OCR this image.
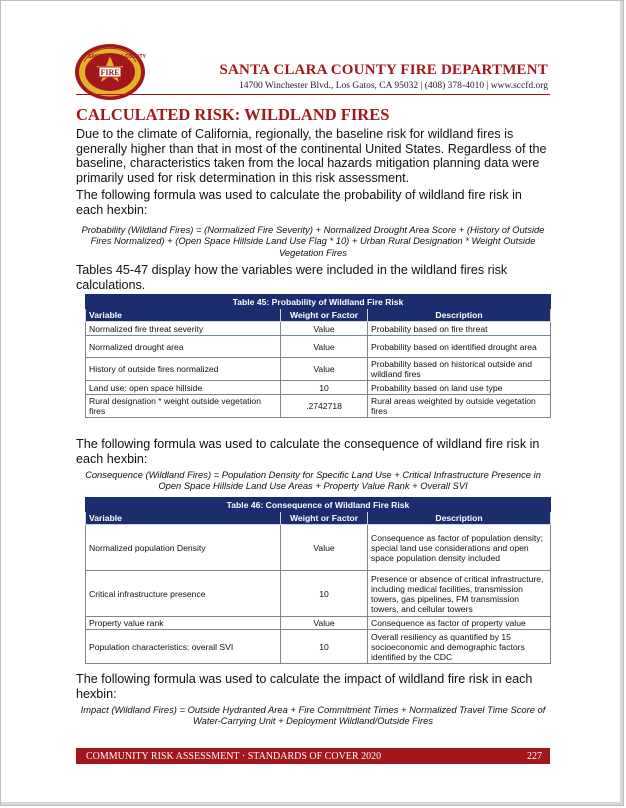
FIRE
SANTA CLARA COUNTY
SANTA CLARA COUNTY FIRE DEPARTMENT
14700 Winchester Blvd., Los Gatos, CA 95032 | (408) 378-4010 | www.sccfd.org
CALCULATED RISK: WILDLAND FIRES

Due to the climate of California, regionally, the baseline risk for wildland fires is generally higher than that in most of the continental United States. Regardless of the baseline, characteristics taken from the local hazards mitigation planning data were primarily used for risk determination in this risk assessment.

The following formula was used to calculate the probability of wildland fire risk in each hexbin:

Probability (Wildland Fires) = (Normalized Fire Severity) + Normalized Drought Area Score + (History of Outside Fires Normalized) + (Open Space Hillside Land Use Flag * 10) + Urban Rural Designation * Weight Outside Vegetation Fires

Tables 45-47 display how the variables were included in the wildland fires risk calculations.

Table 45: Probability of Wildland Fire Risk		
Variable	Weight or Factor	Description
Normalized fire threat severity	Value	Probability based on fire threat
Normalized drought area	Value	Probability based on identified drought area
History of outside fires normalized	Value	Probability based on historical outside and wildland fires
Land use: open space hillside	10	Probability based on land use type
Rural designation * weight outside vegetation fires	.2742718	Rural areas weighted by outside vegetation fires

The following formula was used to calculate the consequence of wildland fire risk in each hexbin:

Consequence (Wildland Fires) = Population Density for Specific Land Use + Critical Infrastructure Presence in Open Space Hillside Land Use Areas + Property Value Rank + Overall SVI

Table 46: Consequence of Wildland Fire Risk		
Variable	Weight or Factor	Description
Normalized population Density	Value	Consequence as factor of population density; special land use considerations and open space population density included
Critical infrastructure presence	10	Presence or absence of critical infrastructure, including medical facilities, transmission towers, gas pipelines, FM transmission towers, and cellular towers
Property value rank	Value	Consequence as factor of property value
Population characteristics: overall SVI	10	Overall resiliency as quantified by 15 socioeconomic and demographic factors identified by the CDC

The following formula was used to calculate the impact of wildland fire risk in each hexbin:

Impact (Wildland Fires) = Outside Hydranted Area + Fire Commitment Times + Normalized Travel Time Score of Water-Carrying Unit + Deployment Wildland/Outside Fires

COMMUNITY RISK ASSESSMENT · STANDARDS OF COVER 2020	227
